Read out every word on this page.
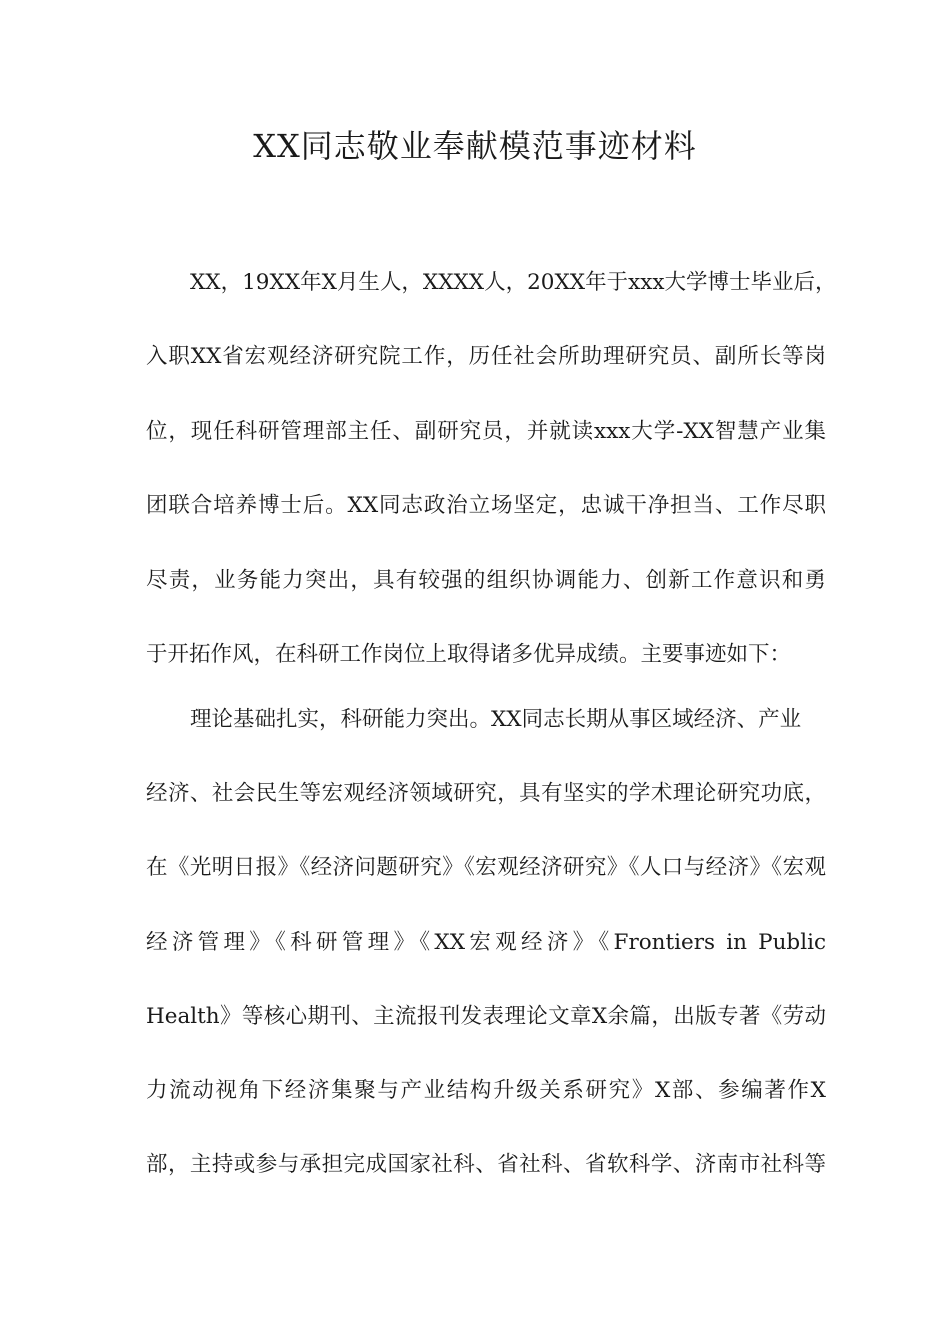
XX同志敬业奉献模范事迹材料
XX，19XX年X月生人，XXXX人，20XX年于xxx大学博士毕业后，
入职XX省宏观经济研究院工作，历任社会所助理研究员、副所长等岗
位，现任科研管理部主任、副研究员，并就读xxx大学-XX智慧产业集
团联合培养博士后。XX同志政治立场坚定，忠诚干净担当、工作尽职
尽责，业务能力突出，具有较强的组织协调能力、创新工作意识和勇
于开拓作风，在科研工作岗位上取得诸多优异成绩。主要事迹如下：
理论基础扎实，科研能力突出。XX同志长期从事区域经济、产业
经济、社会民生等宏观经济领域研究，具有坚实的学术理论研究功底，
在《光明日报》《经济问题研究》《宏观经济研究》《人口与经济》《宏观
经济管理》《科研管理》《XX宏观经济》《Frontiers in Public
Health》等核心期刊、主流报刊发表理论文章X余篇，出版专著《劳动
力流动视角下经济集聚与产业结构升级关系研究》X部、参编著作X
部，主持或参与承担完成国家社科、省社科、省软科学、济南市社科等
